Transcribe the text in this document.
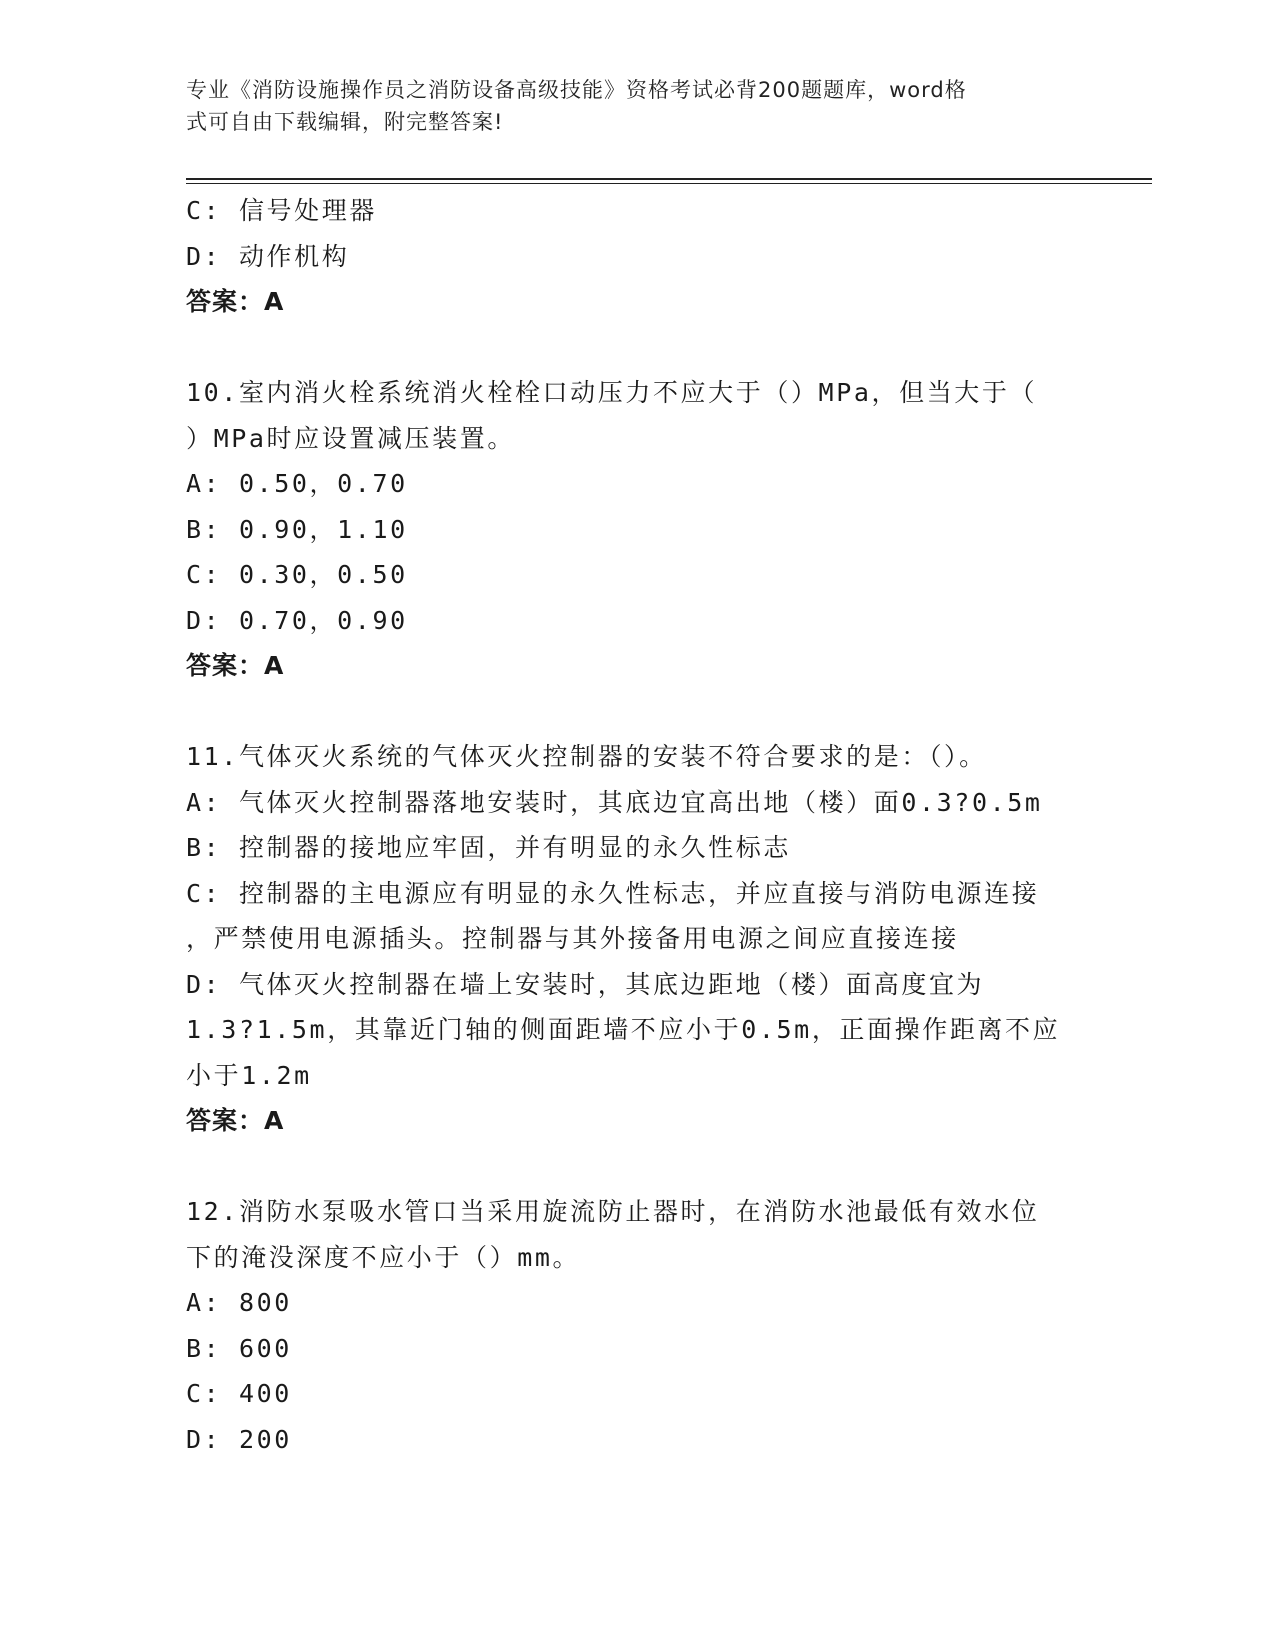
专业《消防设施操作员之消防设备高级技能》资格考试必背200题题库，word格
式可自由下载编辑，附完整答案!
C: 信号处理器
D: 动作机构
答案：A
10.室内消火栓系统消火栓栓口动压力不应大于（）MPa，但当大于（
）MPa时应设置减压装置。
A: 0.50，0.70
B: 0.90，1.10
C: 0.30，0.50
D: 0.70，0.90
答案：A
11.气体灭火系统的气体灭火控制器的安装不符合要求的是：（）。
A: 气体灭火控制器落地安装时，其底边宜高出地（楼）面0.3?0.5m
B: 控制器的接地应牢固，并有明显的永久性标志
C: 控制器的主电源应有明显的永久性标志，并应直接与消防电源连接
，严禁使用电源插头。控制器与其外接备用电源之间应直接连接
D: 气体灭火控制器在墙上安装时，其底边距地（楼）面高度宜为
1.3?1.5m，其靠近门轴的侧面距墙不应小于0.5m，正面操作距离不应
小于1.2m
答案：A
12.消防水泵吸水管口当采用旋流防止器时，在消防水池最低有效水位
下的淹没深度不应小于（）mm。
A: 800
B: 600
C: 400
D: 200
